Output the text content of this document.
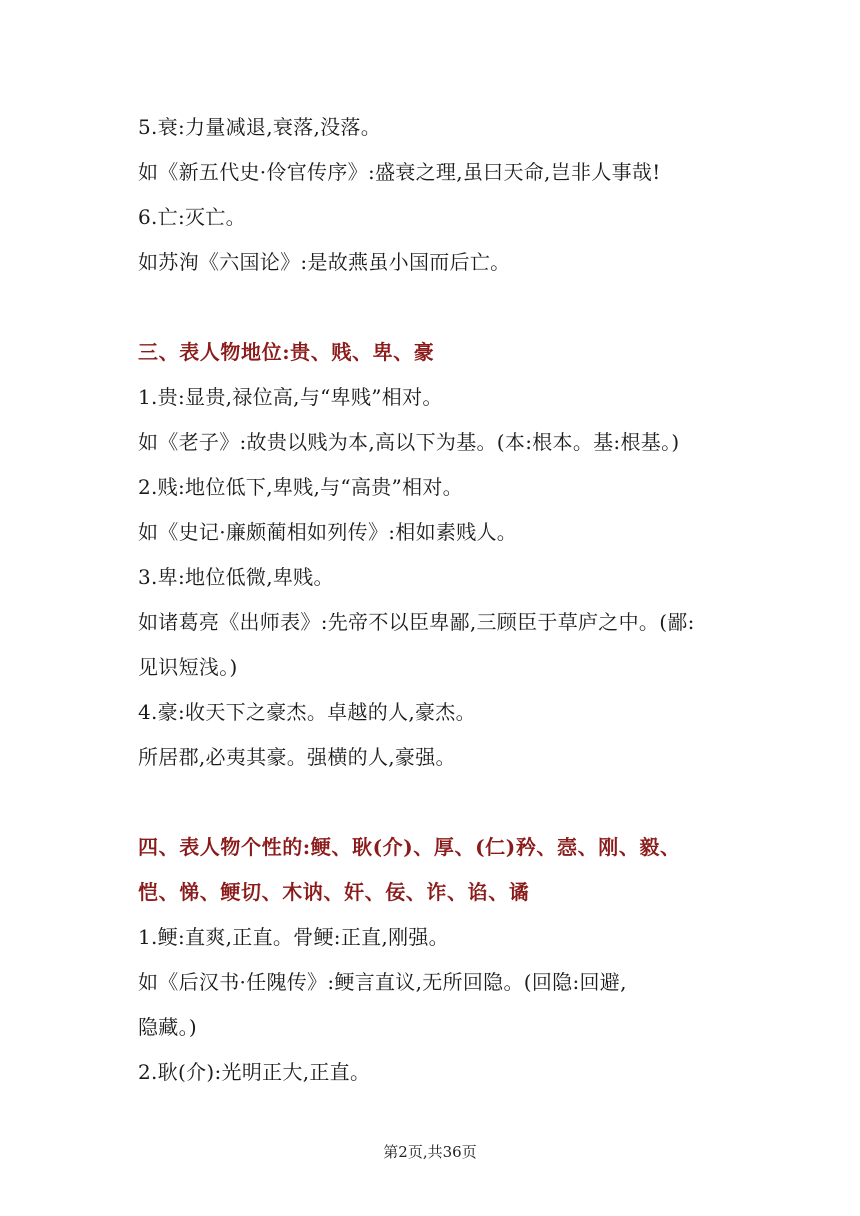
5.衰:力量减退,衰落,没落。
如《新五代史·伶官传序》:盛衰之理,虽曰天命,岂非人事哉!
6.亡:灭亡。
如苏洵《六国论》:是故燕虽小国而后亡。
三、表人物地位:贵、贱、卑、豪
1.贵:显贵,禄位高,与“卑贱”相对。
如《老子》:故贵以贱为本,高以下为基。(本:根本。基:根基。)
2.贱:地位低下,卑贱,与“高贵”相对。
如《史记·廉颇蔺相如列传》:相如素贱人。
3.卑:地位低微,卑贱。
如诸葛亮《出师表》:先帝不以臣卑鄙,三顾臣于草庐之中。(鄙:
见识短浅。)
4.豪:收天下之豪杰。卓越的人,豪杰。
所居郡,必夷其豪。强横的人,豪强。
四、表人物个性的:鲠、耿(介)、厚、(仁)矜、悫、刚、毅、
恺、悌、鲠切、木讷、奸、佞、诈、谄、谲
1.鲠:直爽,正直。骨鲠:正直,刚强。
如《后汉书·任隗传》:鲠言直议,无所回隐。(回隐:回避,
隐藏。)
2.耿(介):光明正大,正直。
第2页,共36页
